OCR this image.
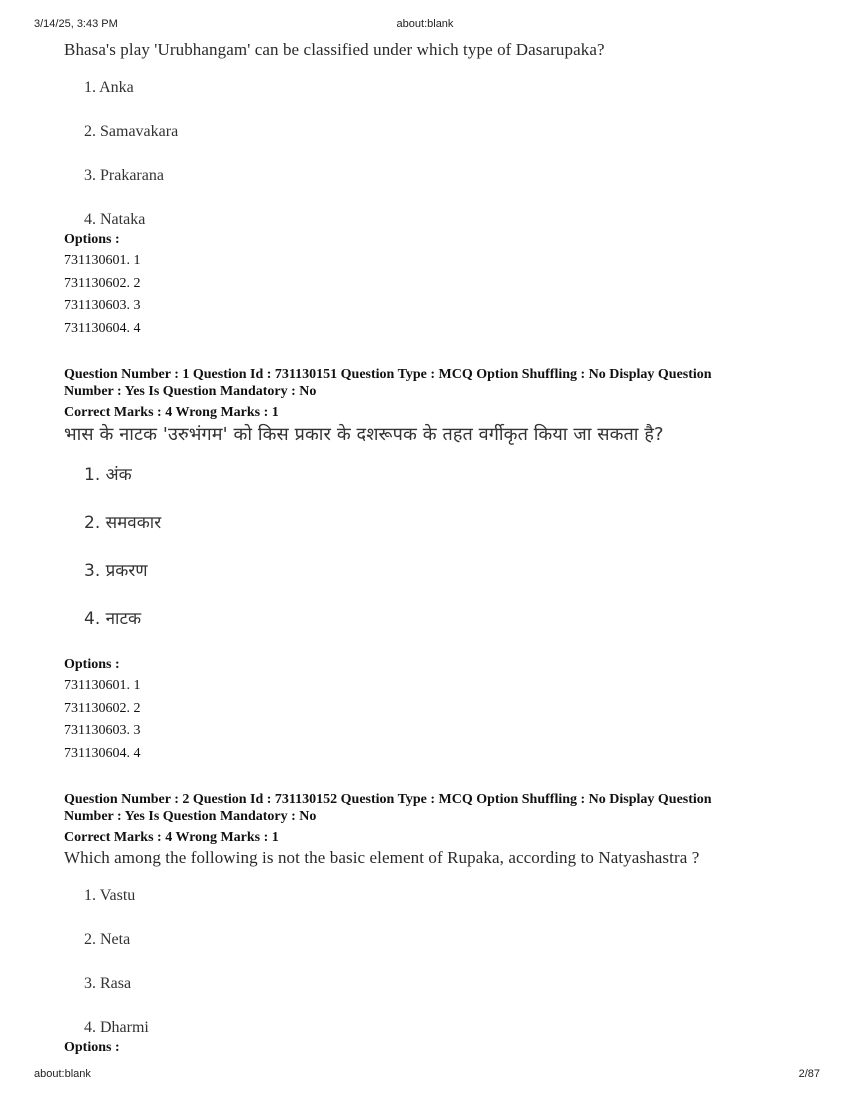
3/14/25, 3:43 PM	about:blank

Bhasa's play 'Urubhangam' can be classified under which type of Dasarupaka?

1. Anka
2. Samavakara
3. Prakarana
4. Nataka
Options :
731130601. 1
731130602. 2
731130603. 3
731130604. 4
Question Number : 1 Question Id : 731130151 Question Type : MCQ Option Shuffling : No Display Question
Number : Yes Is Question Mandatory : No
Correct Marks : 4 Wrong Marks : 1

भास के नाटक 'उरुभंगम' को किस प्रकार के दशरूपक के तहत वर्गीकृत किया जा सकता है?

1. अंक
2. समवकार
3. प्रकरण
4. नाटक
Options :
731130601. 1
731130602. 2
731130603. 3
731130604. 4
Question Number : 2 Question Id : 731130152 Question Type : MCQ Option Shuffling : No Display Question
Number : Yes Is Question Mandatory : No
Correct Marks : 4 Wrong Marks : 1

Which among the following is not the basic element of Rupaka, according to Natyashastra ?

1. Vastu
2. Neta
3. Rasa
4. Dharmi
Options :
about:blank	2/87
